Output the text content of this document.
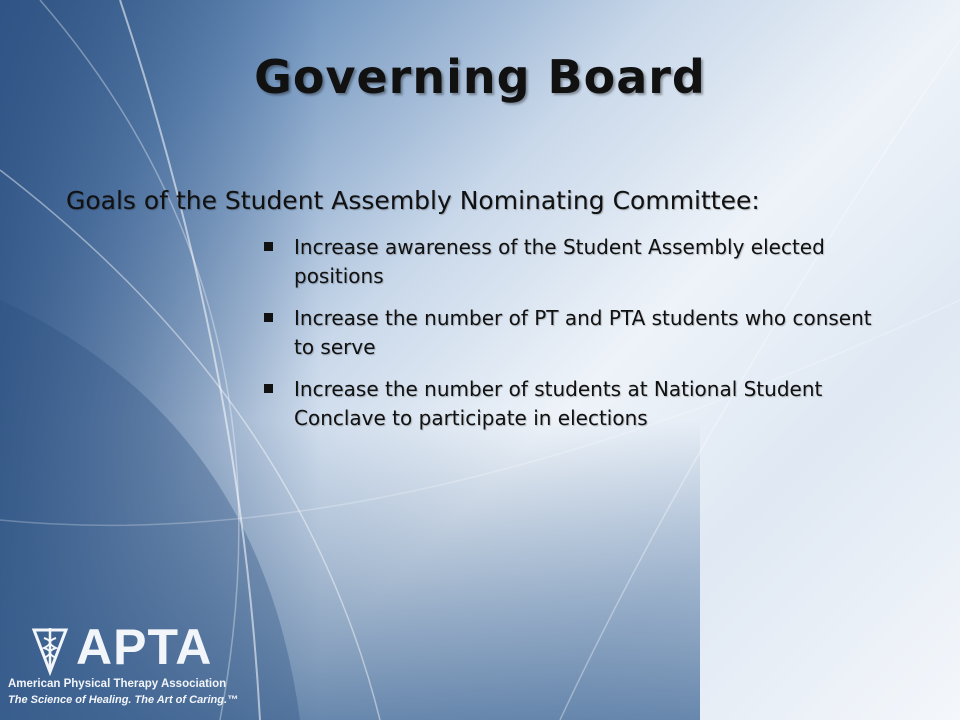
Governing Board
Goals of the Student Assembly Nominating Committee:
Increase awareness of the Student Assembly elected positions
Increase the number of PT and PTA students who consent to serve
Increase the number of students at National Student Conclave to participate in elections
APTA
American Physical Therapy Association
The Science of Healing. The Art of Caring.™
